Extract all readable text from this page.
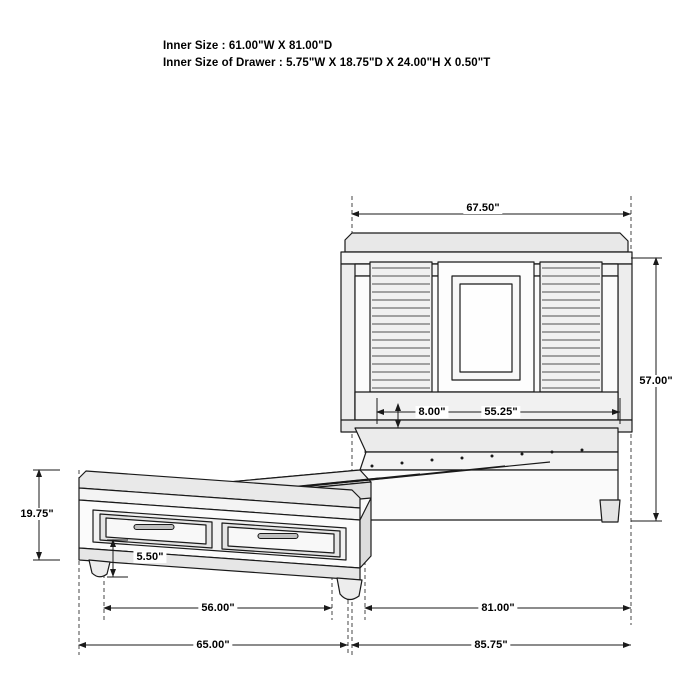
Inner Size : 61.00"W X 81.00"D
Inner Size of Drawer : 5.75"W X 18.75"D X 24.00"H X 0.50"T
67.50"
57.00"
55.25"
8.00"
19.75"
5.50"
56.00"	81.00"
65.00"	85.75"
